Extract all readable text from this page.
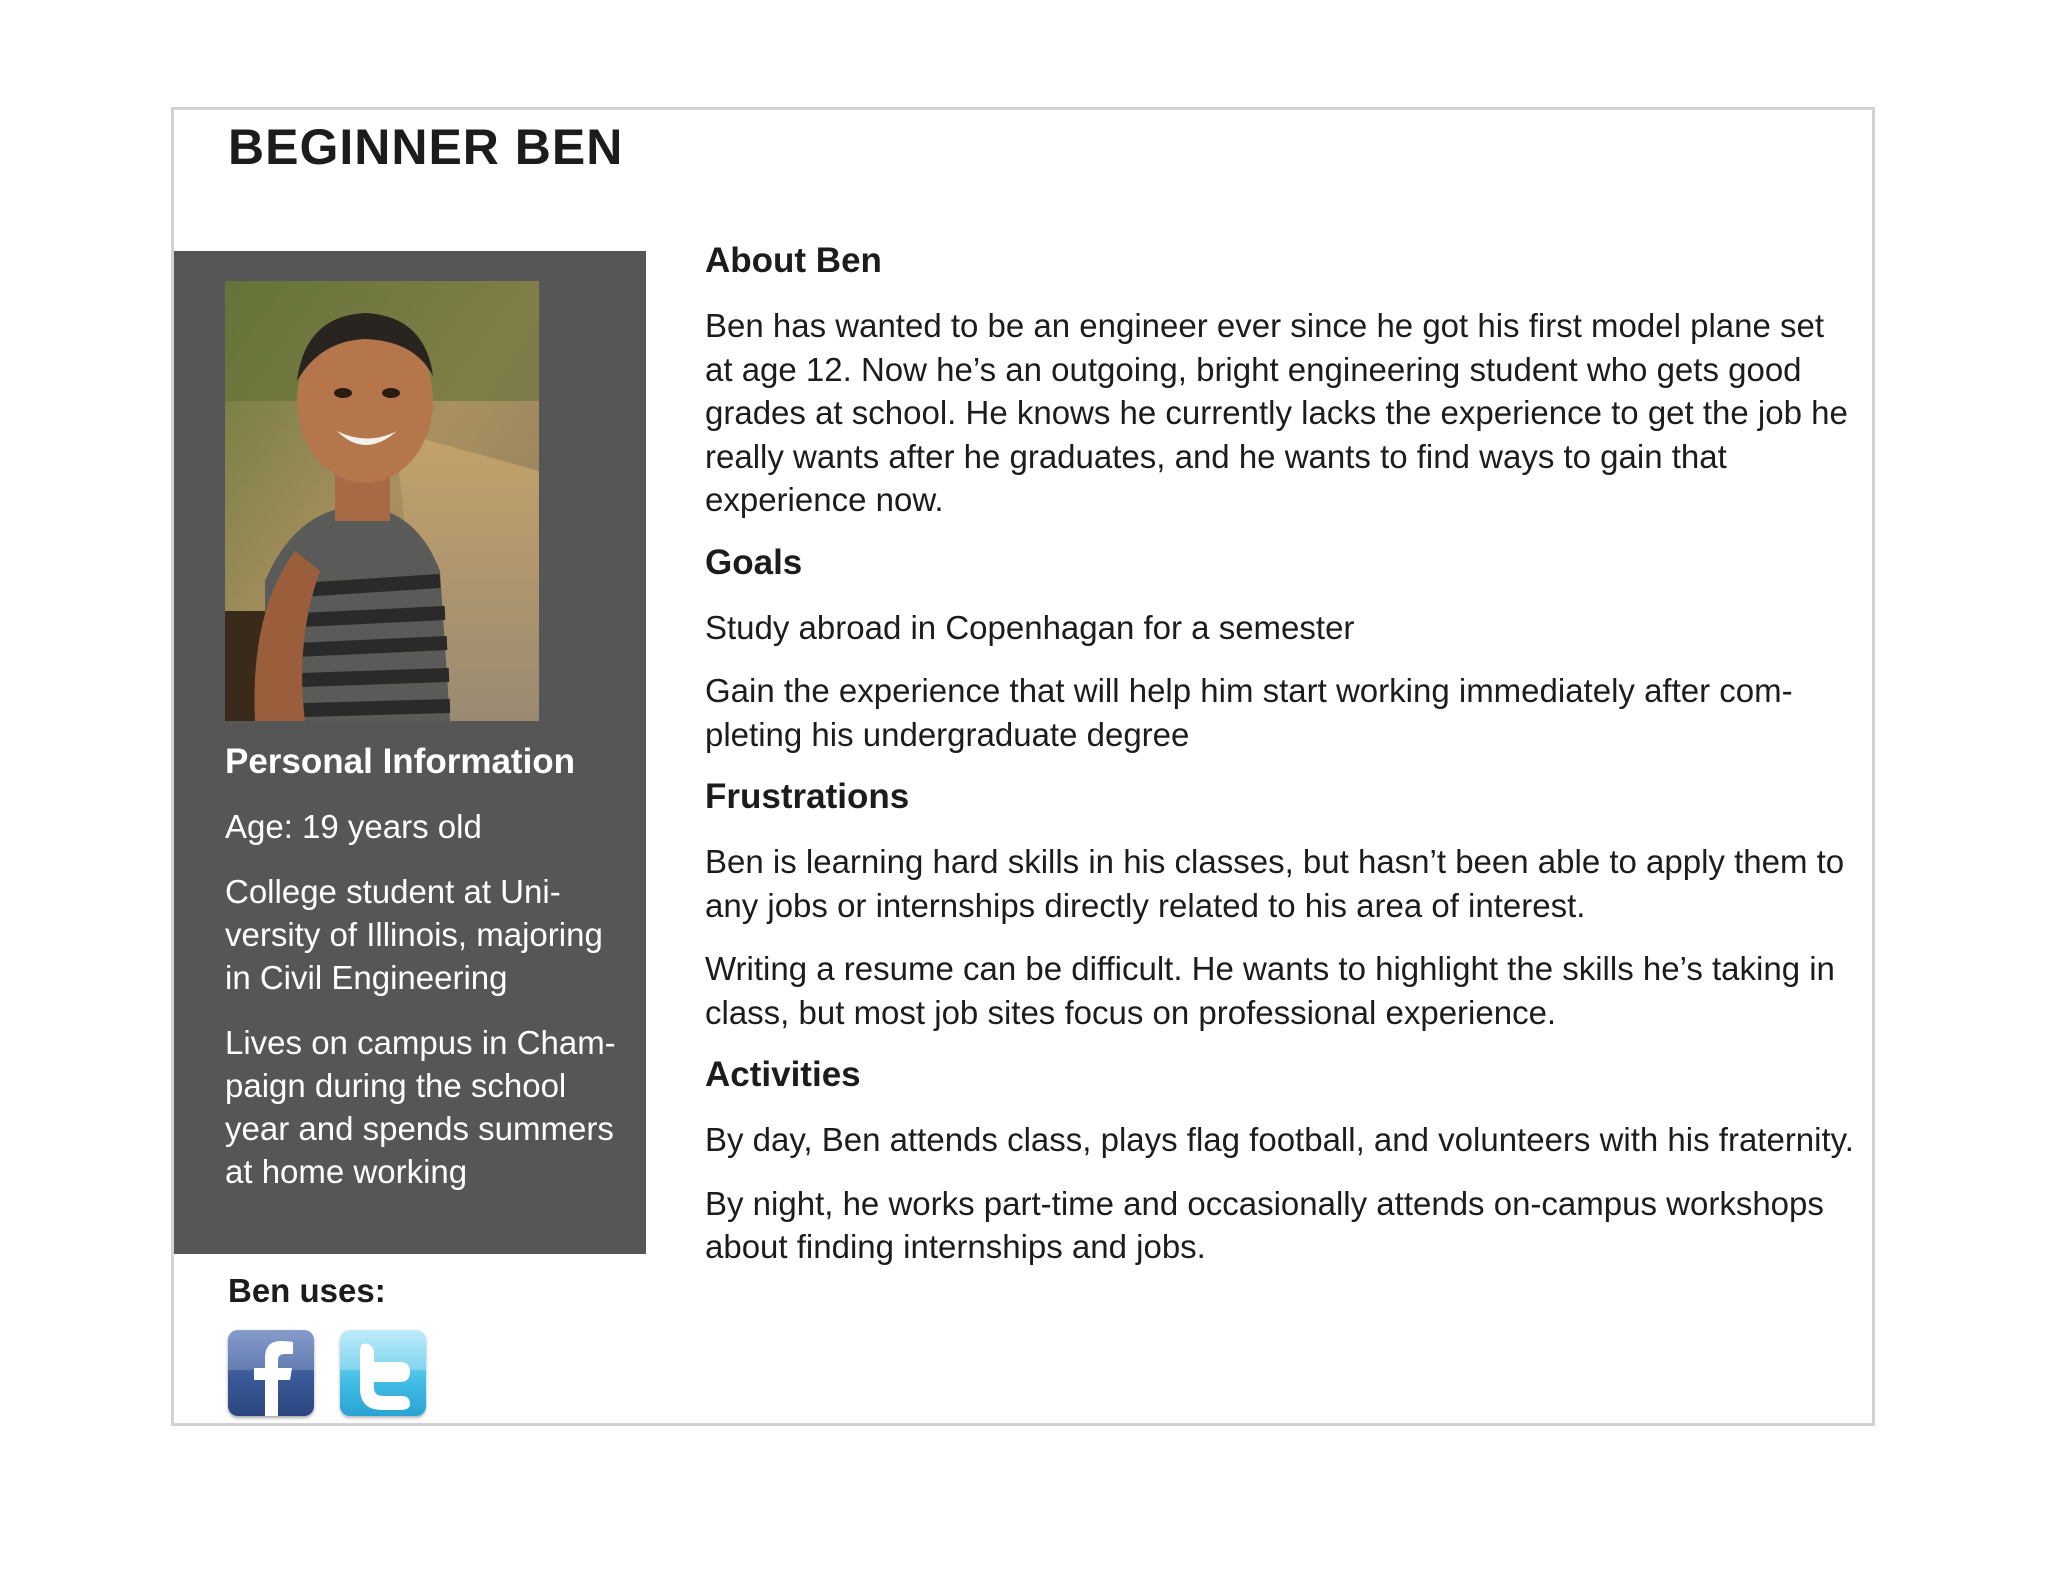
BEGINNER BEN

Personal Information

Age: 19 years old

College student at Uni-versity of Illinois, majoring in Civil Engineering

Lives on campus in Cham-paign during the school year and spends summers at home working

Ben uses:

About Ben

Ben has wanted to be an engineer ever since he got his first model plane set at age 12. Now he’s an outgoing, bright engineering student who gets good grades at school. He knows he currently lacks the experience to get the job he really wants after he graduates, and he wants to find ways to gain that experience now.

Goals

Study abroad in Copenhagan for a semester

Gain the experience that will help him start working immediately after com-pleting his undergraduate degree

Frustrations

Ben is learning hard skills in his classes, but hasn’t been able to apply them to any jobs or internships directly related to his area of interest.

Writing a resume can be difficult. He wants to highlight the skills he’s taking in class, but most job sites focus on professional experience.

Activities

By day, Ben attends class, plays flag football, and volunteers with his fraternity.

By night, he works part-time and occasionally attends on-campus workshops about finding internships and jobs.
